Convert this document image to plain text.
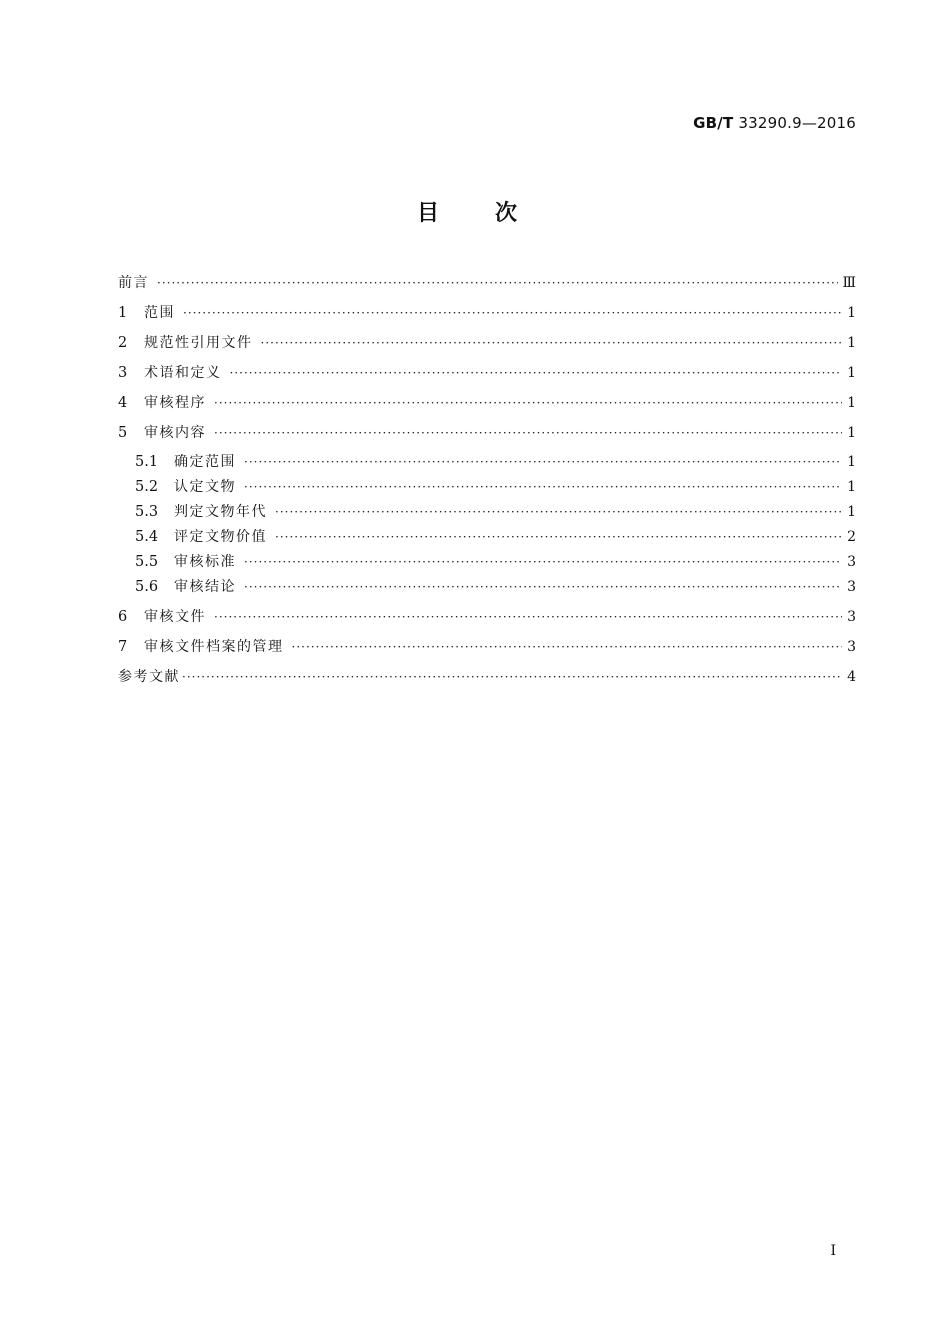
GB/T 33290.9—2016
目次
前言 ·····	Ⅲ
1	范围 ·····	1
2	规范性引用文件 ·····	1
3	术语和定义 ·····	1
4	审核程序 ·····	1
5	审核内容 ·····	1
5.1	确定范围 ·····	1
5.2	认定文物 ·····	1
5.3	判定文物年代 ·····	1
5.4	评定文物价值 ·····	2
5.5	审核标准 ·····	3
5.6	审核结论 ·····	3
6	审核文件 ·····	3
7	审核文件档案的管理 ·····	3
参考文献 ·····	4
I
